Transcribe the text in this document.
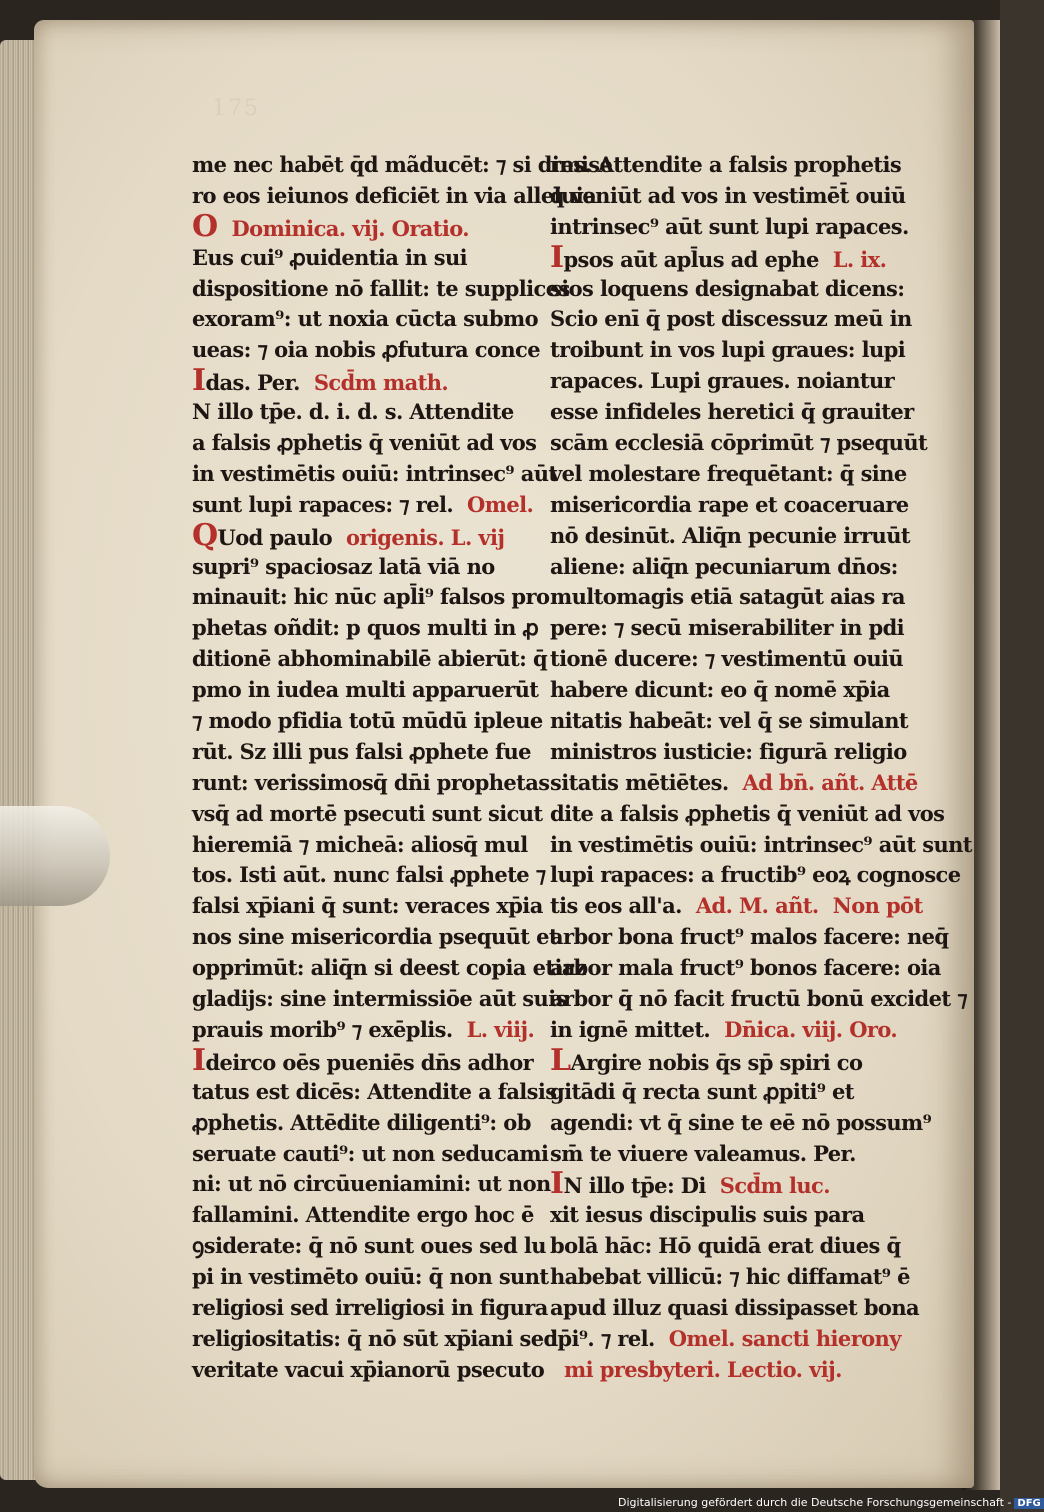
175
me nec habēt q̄d mãducēt: ⁊ si dimise
ro eos ieiunos deficiēt in via alleluia
O Dominica. vij. Oratio.
Eus cui⁹ ꝓuidentia in sui
dispositione nō fallit: te supplices
exoram⁹: ut noxia cūcta submo
ueas: ⁊ oia nobis ꝓfutura conce
Idas. Per. Scd̄m math.
N illo tp̄e. d. i. d. s. Attendite
a falsis ꝓphetis q̄ veniūt ad vos
in vestimētis ouiū: intrinsec⁹ aūt
sunt lupi rapaces: ⁊ rel. Omel.
QUod paulo origenis. L. vij
supri⁹ spaciosaz latā viā no
minauit: hic nūc apl̄i⁹ falsos pro
phetas oñdit: p quos multi in ꝓ
ditionē abhominabilē abierūt: q̄
pmo in iudea multi apparuerūt
⁊ modo pfidia totū mūdū ipleue
rūt. Sz illi pus falsi ꝓphete fue
runt: verissimosq̄ dn̄i prophetas
vsq̄ ad mortē psecuti sunt sicut
hieremiā ⁊ micheā: aliosq̄ mul
tos. Isti aūt. nunc falsi ꝓphete ⁊
falsi xp̄iani q̄ sunt: veraces xp̄ia
nos sine misericordia psequūt et
opprimūt: aliq̄n si deest copia etiaz
gladijs: sine intermissiōe aūt suis
prauis morib⁹ ⁊ exēplis. L. viij.
Ideirco oēs pueniēs dn̄s adhor
tatus est dicēs: Attendite a falsis
ꝓphetis. Attēdite diligenti⁹: ob
seruate cauti⁹: ut non seducami
ni: ut nō circūueniamini: ut non
fallamini. Attendite ergo hoc ē
ꝯsiderate: q̄ nō sunt oues sed lu
pi in vestimēto ouiū: q̄ non sunt
religiosi sed irreligiosi in figura
religiositatis: q̄ nō sūt xp̄iani sed
veritate vacui xp̄ianorū psecuto
res. Attendite a falsis prophetis
q̄ veniūt ad vos in vestimēt̄ ouiū
intrinsec⁹ aūt sunt lupi rapaces.
Ipsos aūt apl̄us ad ephe L. ix.
sios loquens designabat dicens:
Scio enī q̄ post discessuz meū in
troibunt in vos lupi graues: lupi
rapaces. Lupi graues. noiantur
esse infideles heretici q̄ grauiter
scām ecclesiā cōprimūt ⁊ psequūt
vel molestare frequētant: q̄ sine
misericordia rape et coaceruare
nō desinūt. Aliq̄n pecunie irruūt
aliene: aliq̄n pecuniarum dn̄os:
multomagis etiā satagūt aias ra
pere: ⁊ secū miserabiliter in pdi
tionē ducere: ⁊ vestimentū ouiū
habere dicunt: eo q̄ nomē xp̄ia
nitatis habeāt: vel q̄ se simulant
ministros iusticie: figurā religio
sitatis mētiētes. Ad bn̄. añt. Attē
dite a falsis ꝓphetis q̄ veniūt ad vos
in vestimētis ouiū: intrinsec⁹ aūt sunt
lupi rapaces: a fructib⁹ eoꝝ cognosce
tis eos all'a. Ad. M. añt. Non pōt
arbor bona fruct⁹ malos facere: neq̄
arbor mala fruct⁹ bonos facere: oia
arbor q̄ nō facit fructū bonū excidet ⁊
in ignē mittet. Dn̄ica. viij. Oro.
LArgire nobis q̄s sp̄ spiri co
gitādi q̄ recta sunt ꝓpiti⁹ et
agendi: vt q̄ sine te eē nō possum⁹
sm̄ te viuere valeamus. Per.
IN illo tp̄e: Di Scd̄m luc.
xit iesus discipulis suis para
bolā hāc: Hō quidā erat diues q̄
habebat villicū: ⁊ hic diffamat⁹ ē
apud illuz quasi dissipasset bona
ip̄i⁹. ⁊ rel. Omel. sancti hierony
mi presbyteri. Lectio. vij.
Digitalisierung gefördert durch die Deutsche Forschungsgemeinschaft - DFG
